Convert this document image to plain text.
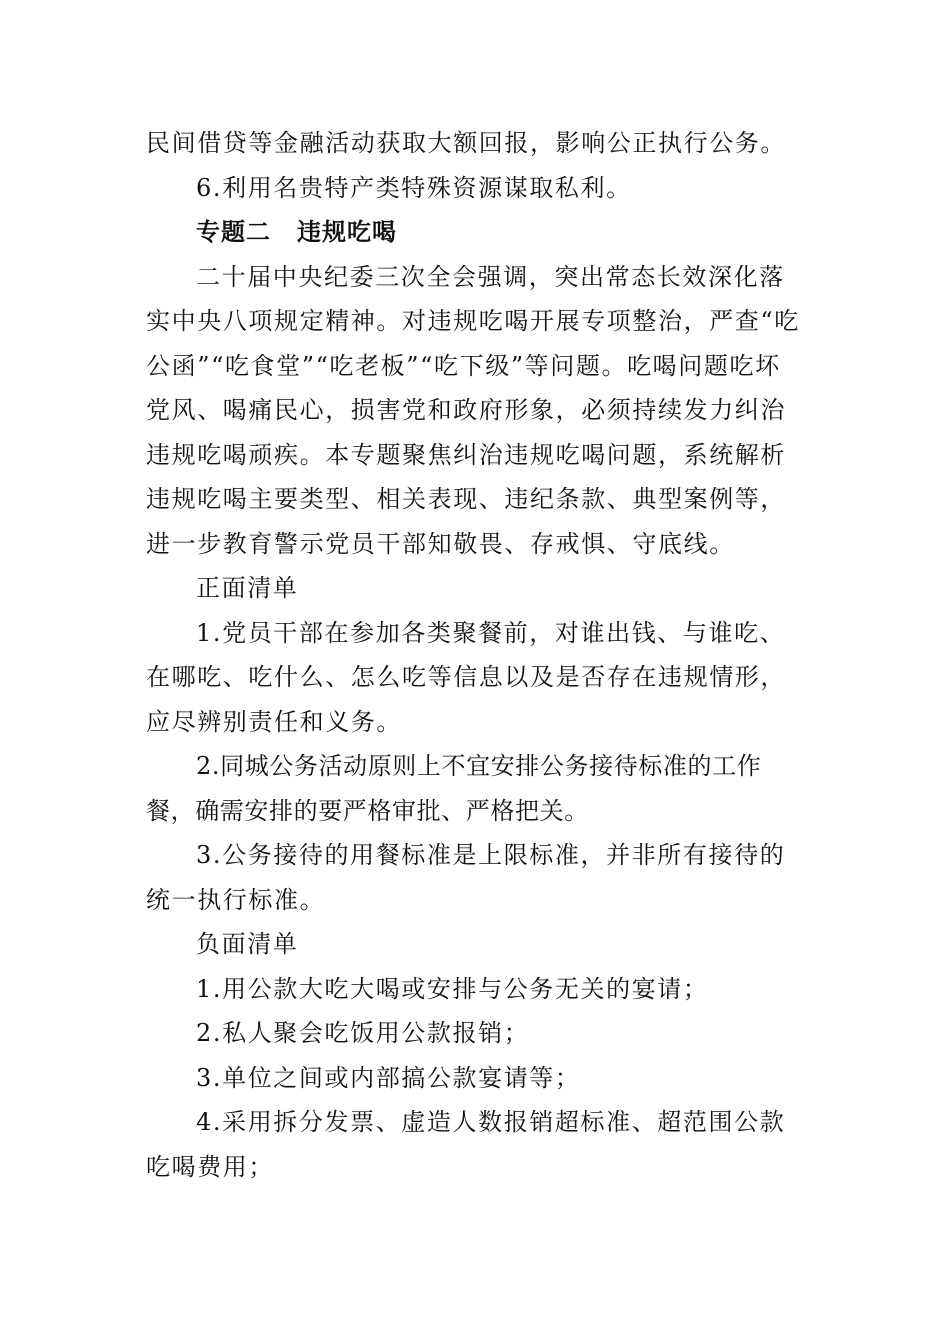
民间借贷等金融活动获取大额回报，影响公正执行公务。

6.利用名贵特产类特殊资源谋取私利。

专题二 违规吃喝

二十届中央纪委三次全会强调，突出常态长效深化落实中央八项规定精神。对违规吃喝开展专项整治，严查“吃公函”“吃食堂”“吃老板”“吃下级”等问题。吃喝问题吃坏党风、喝痛民心，损害党和政府形象，必须持续发力纠治违规吃喝顽疾。本专题聚焦纠治违规吃喝问题，系统解析违规吃喝主要类型、相关表现、违纪条款、典型案例等，进一步教育警示党员干部知敬畏、存戒惧、守底线。

正面清单

1.党员干部在参加各类聚餐前，对谁出钱、与谁吃、在哪吃、吃什么、怎么吃等信息以及是否存在违规情形，应尽辨别责任和义务。

2.同城公务活动原则上不宜安排公务接待标准的工作餐，确需安排的要严格审批、严格把关。

3.公务接待的用餐标准是上限标准，并非所有接待的统一执行标准。

负面清单

1.用公款大吃大喝或安排与公务无关的宴请；

2.私人聚会吃饭用公款报销；

3.单位之间或内部搞公款宴请等；

4.采用拆分发票、虚造人数报销超标准、超范围公款吃喝费用；
